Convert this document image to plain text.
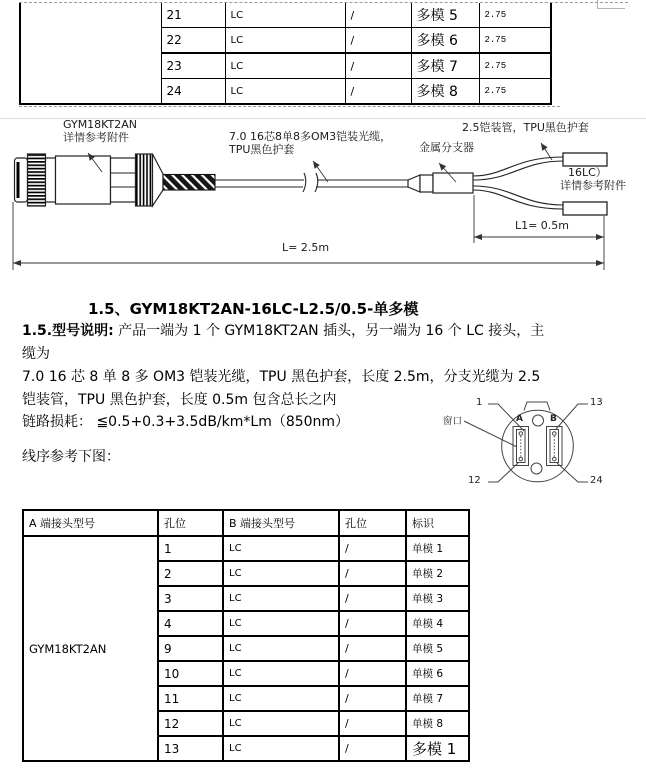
	21	LC	/	多模 5	2.75
	22	LC	/	多模 6	2.75
	23	LC	/	多模 7	2.75
	24	LC	/	多模 8	2.75
GYM18KT2AN
详情参考附件	7.0 16芯8单8多OM3铠装光缆，
TPU黑色护套
2.5铠装管，TPU黑色护套
金属分支器
16LC）
详情参考附件
L1= 0.5m
L= 2.5m
1.5、GYM18KT2AN-16LC-L2.5/0.5-单多模
1.5.型号说明: 产品一端为 1 个 GYM18KT2AN 插头，另一端为 16 个 LC 接头，主
缆为
7.0 16 芯 8 单 8 多 OM3 铠装光缆，TPU 黑色护套，长度 2.5m，分支光缆为 2.5
铠装管，TPU 黑色护套，长度 0.5m 包含总长之内
链路损耗： ≦0.5+0.3+3.5dB/km*Lm（850nm）
线序参考下图：
1	13
12	24
窗口	A	B
A 端接头型号	孔位	B 端接头型号	孔位	标识
GYM18KT2AN	1	LC	/	单模 1
	2	LC	/	单模 2
	3	LC	/	单模 3
	4	LC	/	单模 4
	9	LC	/	单模 5
	10	LC	/	单模 6
	11	LC	/	单模 7
	12	LC	/	单模 8
	13	LC	/	多模 1
